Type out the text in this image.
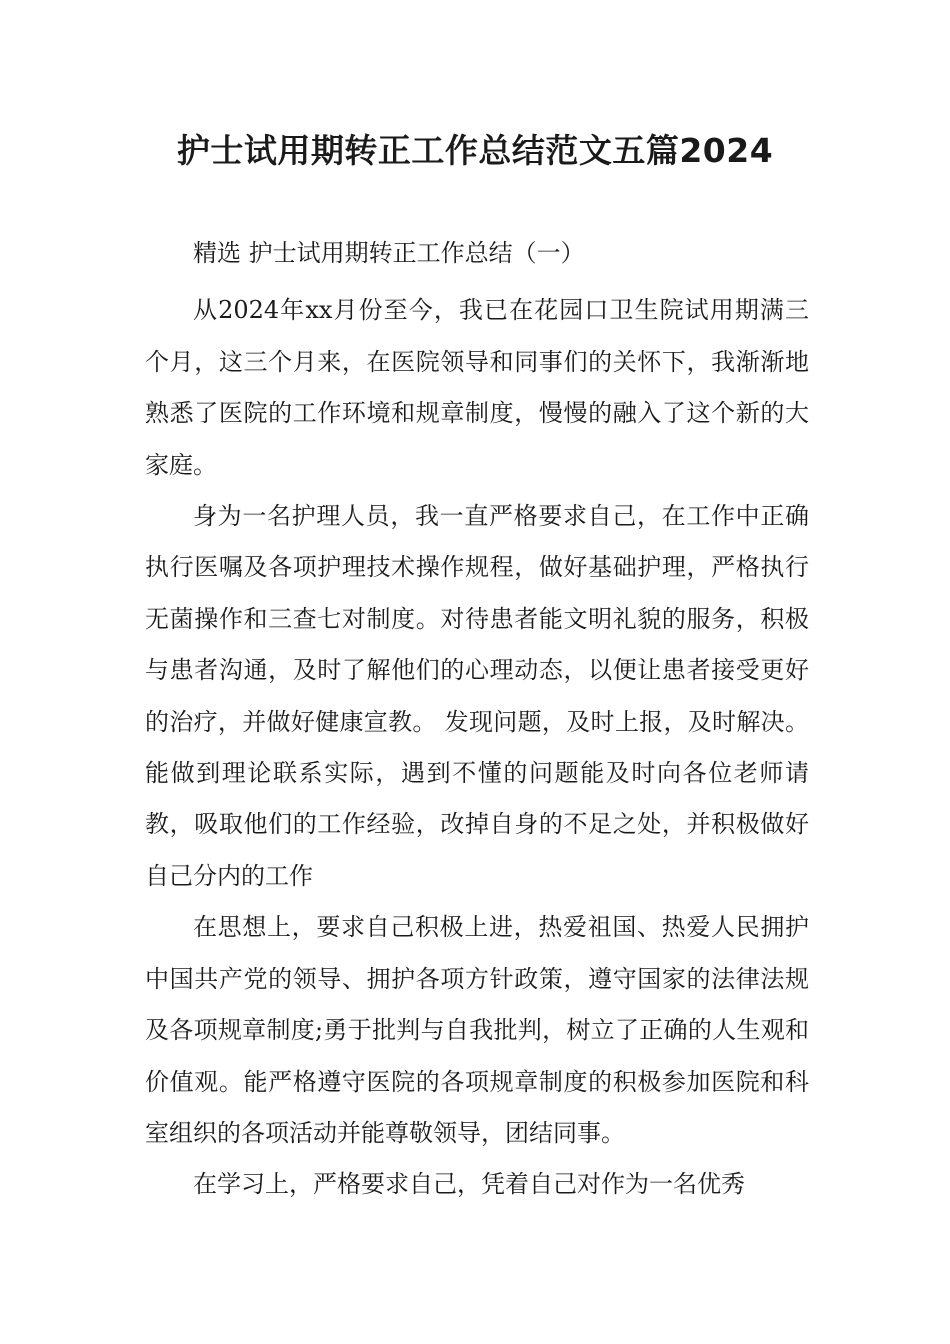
护士试用期转正工作总结范文五篇2024

精选 护士试用期转正工作总结（一）

从2024年xx月份至今，我已在花园口卫生院试用期满三个月，这三个月来，在医院领导和同事们的关怀下，我渐渐地熟悉了医院的工作环境和规章制度，慢慢的融入了这个新的大家庭。

身为一名护理人员，我一直严格要求自己，在工作中正确执行医嘱及各项护理技术操作规程，做好基础护理，严格执行无菌操作和三查七对制度。对待患者能文明礼貌的服务，积极与患者沟通，及时了解他们的心理动态，以便让患者接受更好的治疗，并做好健康宣教。 发现问题，及时上报，及时解决。能做到理论联系实际，遇到不懂的问题能及时向各位老师请教，吸取他们的工作经验，改掉自身的不足之处，并积极做好自己分内的工作

在思想上，要求自己积极上进，热爱祖国、热爱人民拥护中国共产党的领导、拥护各项方针政策，遵守国家的法律法规及各项规章制度;勇于批判与自我批判，树立了正确的人生观和价值观。能严格遵守医院的各项规章制度的积极参加医院和科室组织的各项活动并能尊敬领导，团结同事。

在学习上，严格要求自己，凭着自己对作为一名优秀
